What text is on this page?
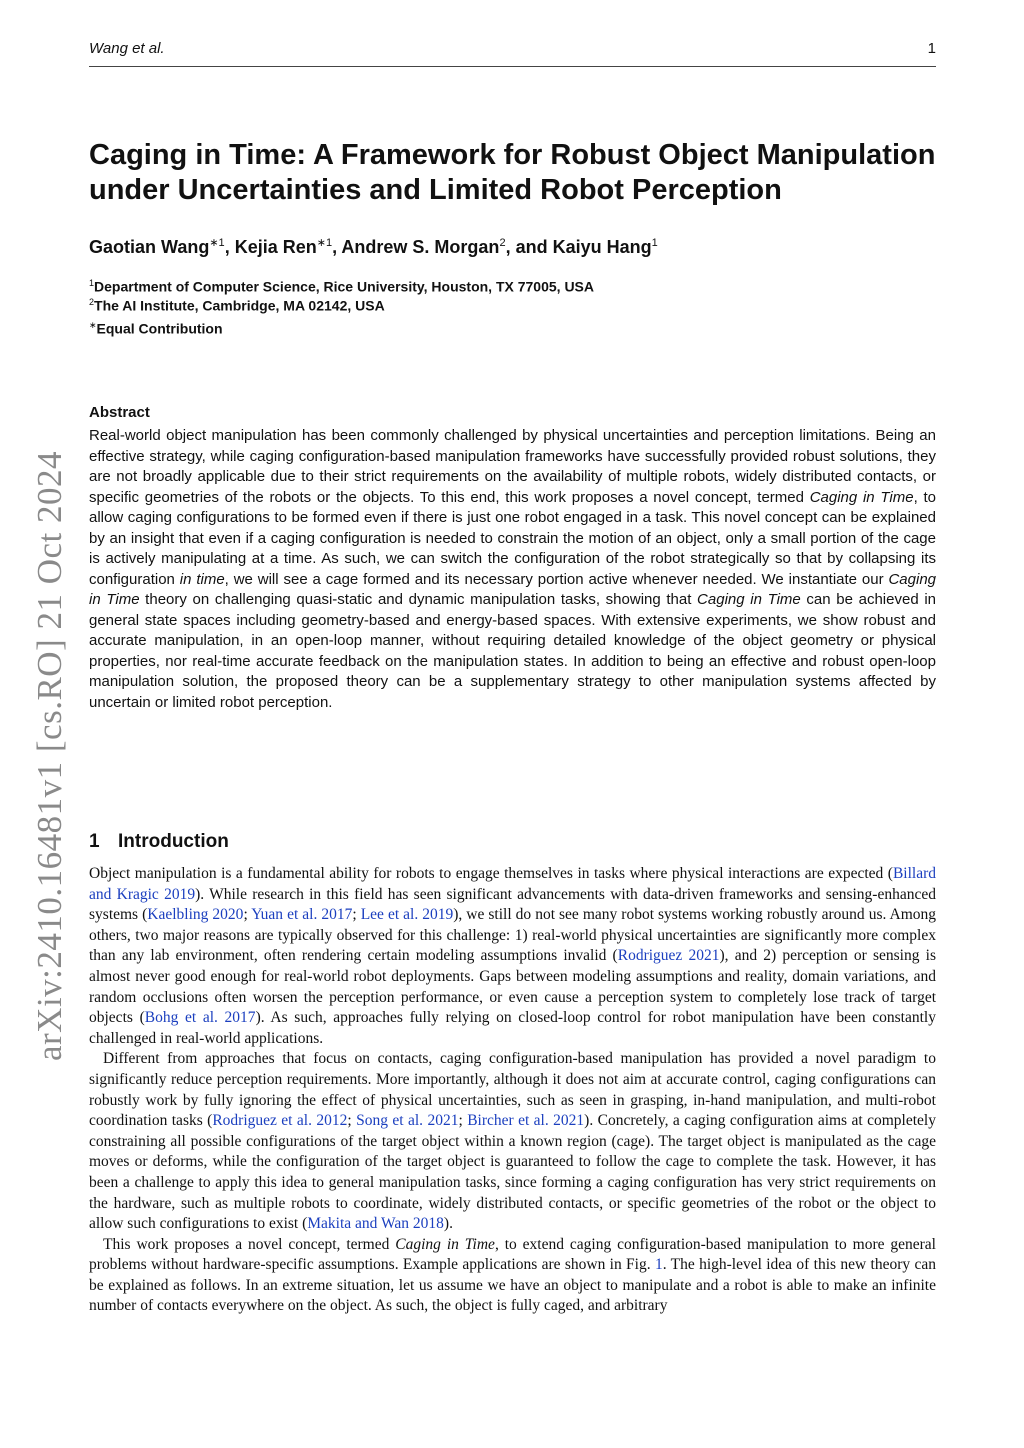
Wang et al.	1
arXiv:2410.16481v1 [cs.RO] 21 Oct 2024
Caging in Time: A Framework for Robust Object Manipulation
under Uncertainties and Limited Robot Perception
Gaotian Wang$^{∗1}$, Kejia Ren$^{∗1}$, Andrew S. Morgan$^2$, and Kaiyu Hang$^1$
$^1$Department of Computer Science, Rice University, Houston, TX 77005, USA
$^2$The AI Institute, Cambridge, MA 02142, USA
∗Equal Contribution
Abstract

Real-world object manipulation has been commonly challenged by physical uncertainties and perception limitations. Being an effective strategy, while caging configuration-based manipulation frameworks have successfully provided robust solutions, they are not broadly applicable due to their strict requirements on the availability of multiple robots, widely distributed contacts, or specific geometries of the robots or the objects. To this end, this work proposes a novel concept, termed Caging in Time, to allow caging configurations to be formed even if there is just one robot engaged in a task. This novel concept can be explained by an insight that even if a caging configuration is needed to constrain the motion of an object, only a small portion of the cage is actively manipulating at a time. As such, we can switch the configuration of the robot strategically so that by collapsing its configuration in time, we will see a cage formed and its necessary portion active whenever needed. We instantiate our Caging in Time theory on challenging quasi-static and dynamic manipulation tasks, showing that Caging in Time can be achieved in general state spaces including geometry-based and energy-based spaces. With extensive experiments, we show robust and accurate manipulation, in an open-loop manner, without requiring detailed knowledge of the object geometry or physical properties, nor real-time accurate feedback on the manipulation states. In addition to being an effective and robust open-loop manipulation solution, the proposed theory can be a supplementary strategy to other manipulation systems affected by uncertain or limited robot perception.

1 Introduction

Object manipulation is a fundamental ability for robots to engage themselves in tasks where physical interactions are expected (Billard and Kragic 2019). While research in this field has seen significant advancements with data-driven frameworks and sensing-enhanced systems (Kaelbling 2020; Yuan et al. 2017; Lee et al. 2019), we still do not see many robot systems working robustly around us. Among others, two major reasons are typically observed for this challenge: 1) real-world physical uncertainties are significantly more complex than any lab environment, often rendering certain modeling assumptions invalid (Rodriguez 2021), and 2) perception or sensing is almost never good enough for real-world robot deployments. Gaps between modeling assumptions and reality, domain variations, and random occlusions often worsen the perception performance, or even cause a perception system to completely lose track of target objects (Bohg et al. 2017). As such, approaches fully relying on closed-loop control for robot manipulation have been constantly challenged in real-world applications.

Different from approaches that focus on contacts, caging configuration-based manipulation has provided a novel paradigm to significantly reduce perception requirements. More importantly, although it does not aim at accurate control, caging configurations can robustly work by fully ignoring the effect of physical uncertainties, such as seen in grasping, in-hand manipulation, and multi-robot coordination tasks (Rodriguez et al. 2012; Song et al. 2021; Bircher et al. 2021). Concretely, a caging configuration aims at completely constraining all possible configurations of the target object within a known region (cage). The target object is manipulated as the cage moves or deforms, while the configuration of the target object is guaranteed to follow the cage to complete the task. However, it has been a challenge to apply this idea to general manipulation tasks, since forming a caging configuration has very strict requirements on the hardware, such as multiple robots to coordinate, widely distributed contacts, or specific geometries of the robot or the object to allow such configurations to exist (Makita and Wan 2018).

This work proposes a novel concept, termed Caging in Time, to extend caging configuration-based manipulation to more general problems without hardware-specific assumptions. Example applications are shown in Fig. 1. The high-level idea of this new theory can be explained as follows. In an extreme situation, let us assume we have an object to manipulate and a robot is able to make an infinite number of contacts everywhere on the object. As such, the object is fully caged, and arbitrary
